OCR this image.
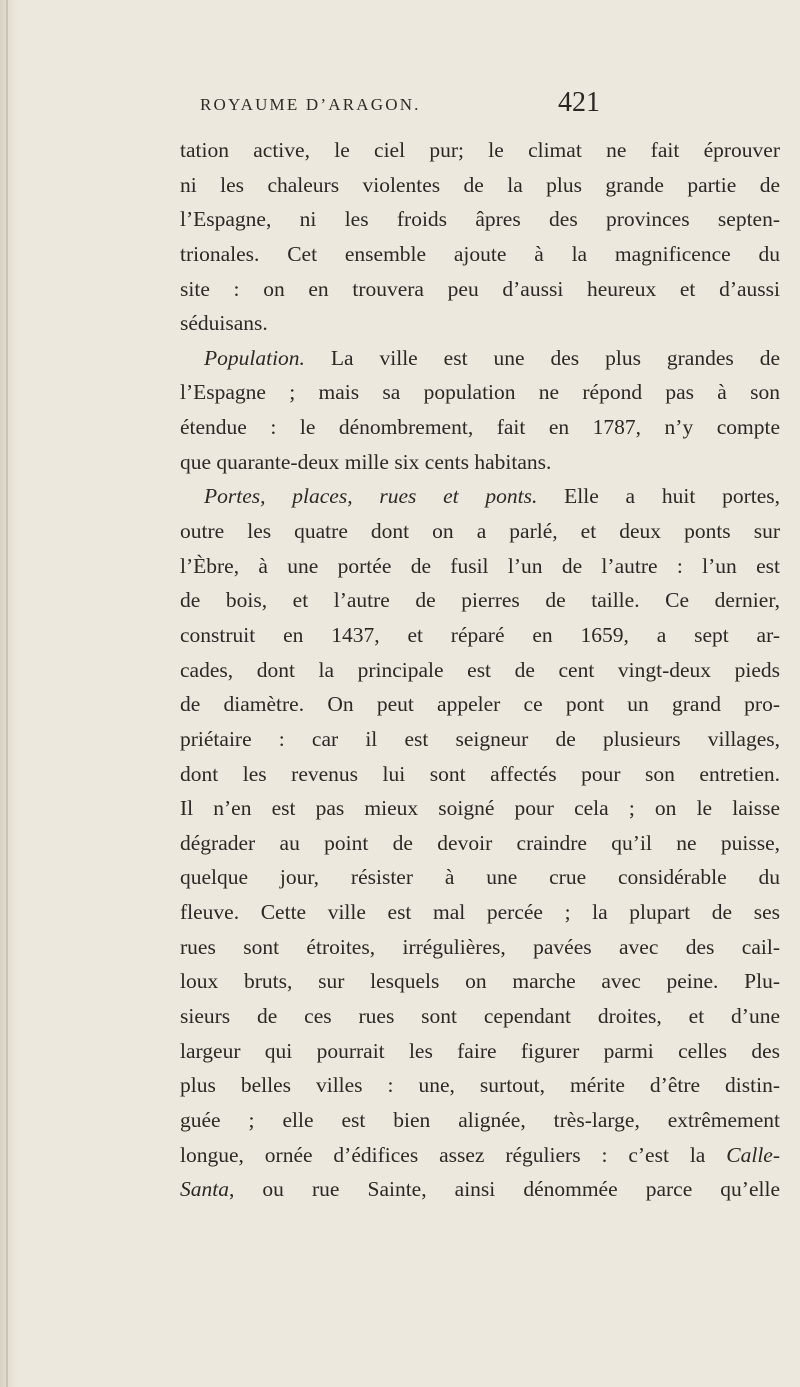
ROYAUME D’ARAGON.	421
tation active, le ciel pur; le climat ne fait éprouver
ni les chaleurs violentes de la plus grande partie de
l’Espagne, ni les froids âpres des provinces septen-
trionales. Cet ensemble ajoute à la magnificence du
site : on en trouvera peu d’aussi heureux et d’aussi
séduisans.
Population. La ville est une des plus grandes de
l’Espagne ; mais sa population ne répond pas à son
étendue : le dénombrement, fait en 1787, n’y compte
que quarante-deux mille six cents habitans.
Portes, places, rues et ponts. Elle a huit portes,
outre les quatre dont on a parlé, et deux ponts sur
l’Èbre, à une portée de fusil l’un de l’autre : l’un est
de bois, et l’autre de pierres de taille. Ce dernier,
construit en 1437, et réparé en 1659, a sept ar-
cades, dont la principale est de cent vingt-deux pieds
de diamètre. On peut appeler ce pont un grand pro-
priétaire : car il est seigneur de plusieurs villages,
dont les revenus lui sont affectés pour son entretien.
Il n’en est pas mieux soigné pour cela ; on le laisse
dégrader au point de devoir craindre qu’il ne puisse,
quelque jour, résister à une crue considérable du
fleuve. Cette ville est mal percée ; la plupart de ses
rues sont étroites, irrégulières, pavées avec des cail-
loux bruts, sur lesquels on marche avec peine. Plu-
sieurs de ces rues sont cependant droites, et d’une
largeur qui pourrait les faire figurer parmi celles des
plus belles villes : une, surtout, mérite d’être distin-
guée ; elle est bien alignée, très-large, extrêmement
longue, ornée d’édifices assez réguliers : c’est la Calle-
Santa, ou rue Sainte, ainsi dénommée parce qu’elle
